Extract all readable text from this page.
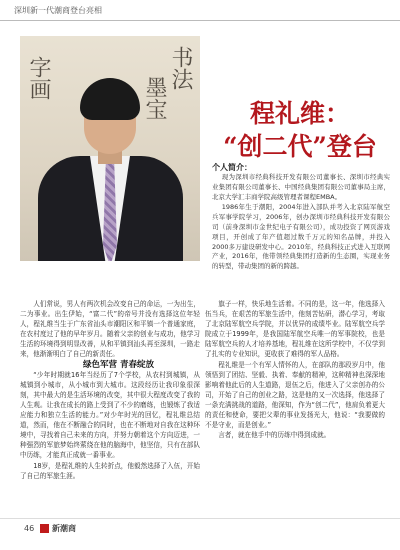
深圳新一代潮商登台亮相
书法
墨宝
字画
程礼维：
“创二代”登台
个人简介：

现为深圳市经典科技开发有限公司董事长、深圳市经典实业集团有限公司董事长、中国经典集团有限公司董事局主席，北京大学汇丰商学院高级管理者课程EMBA。

1986年生于潮阳，2004年进入部队并考入北京陆军航空兵军事学院学习，2006年，创办深圳市经典科技开发有限公司（前身深圳市金世纪电子有限公司），成功投资了网页游戏项目，开创成了年产值超过数千万元的知名品牌，并投入2000多万建设研发中心。2010年，经典科技正式进入互联网产业，2016年，他带领经典集团打造新的生态圈，实现业务的转型，带动集团的新的跨越。

人们常说，男人有两次机会改变自己的命运，一为出生，二为事业。出生伊始，“富二代”的帝号并没有选择这位年轻人，程礼维当生于广东省汕头市潮阳区和平镇一个普通家庭，在农村度过了他的早年岁月。随着父亲的创业与成功，他学习生活的环境得到明显改善，从和平镇到汕头再至深圳，一路走来，他渐渐明白了自己的新责任。

绿色军营 青春绽放

“少年时期就16年当经历了7个学校，从农村到城镇，从城镇到小城市，从小城市到大城市。这段经历让我印象很深刻，其中最大的是生活环境的改变，其中很大程度改变了我的人生观。让我在成长的路上受到了不少的磨练，也锻炼了我适应能力和独立生活的能力。”对少年时光的回忆，程礼维总结道，然而，他在不断融合的同时，也在不断地对自我在这种环境中，寻找着自己未来的方向，并努力朝着这个方向迈进，一种强烈的军旅梦始终萦绕在他的脑海中，他坚信，只有在部队中历练，才能真正成就一番事业。

18岁，是程礼维的人生转折点，他毅然选择了入伍，开始了自己的军旅生涯。

旗子一样，快乐地生活着。不同的是，这一年，他选择入伍当兵，在艰苦的军旅生活中，他刻苦钻研，潜心学习，考取了北京陆军航空兵学院，并以优异的成绩毕业。陆军航空兵学院成立于1999年，是我国陆军航空兵唯一的军事院校，也是陆军航空兵的人才培养基地，程礼维在这所学校中，不仅学到了扎实的专业知识，更收获了难得的军人品格。

程礼维是一个有军人情怀的人，在部队的那段岁月中，他领悟到了团结、坚毅、执着、奉献的精神，这种精神也深深地影响着他此后的人生道路，退伍之后，他进入了父亲创办的公司，开始了自己的创业之路，这是他的又一次选择，他选择了一条充满挑战的道路，他深知，作为“创二代”，他肩负着更大的责任和使命，要把父辈的事业发扬光大，他说：“我要做的不是守业，而是创业。”

言者，就在他手中的历练中得到成就。

46 新潮商
